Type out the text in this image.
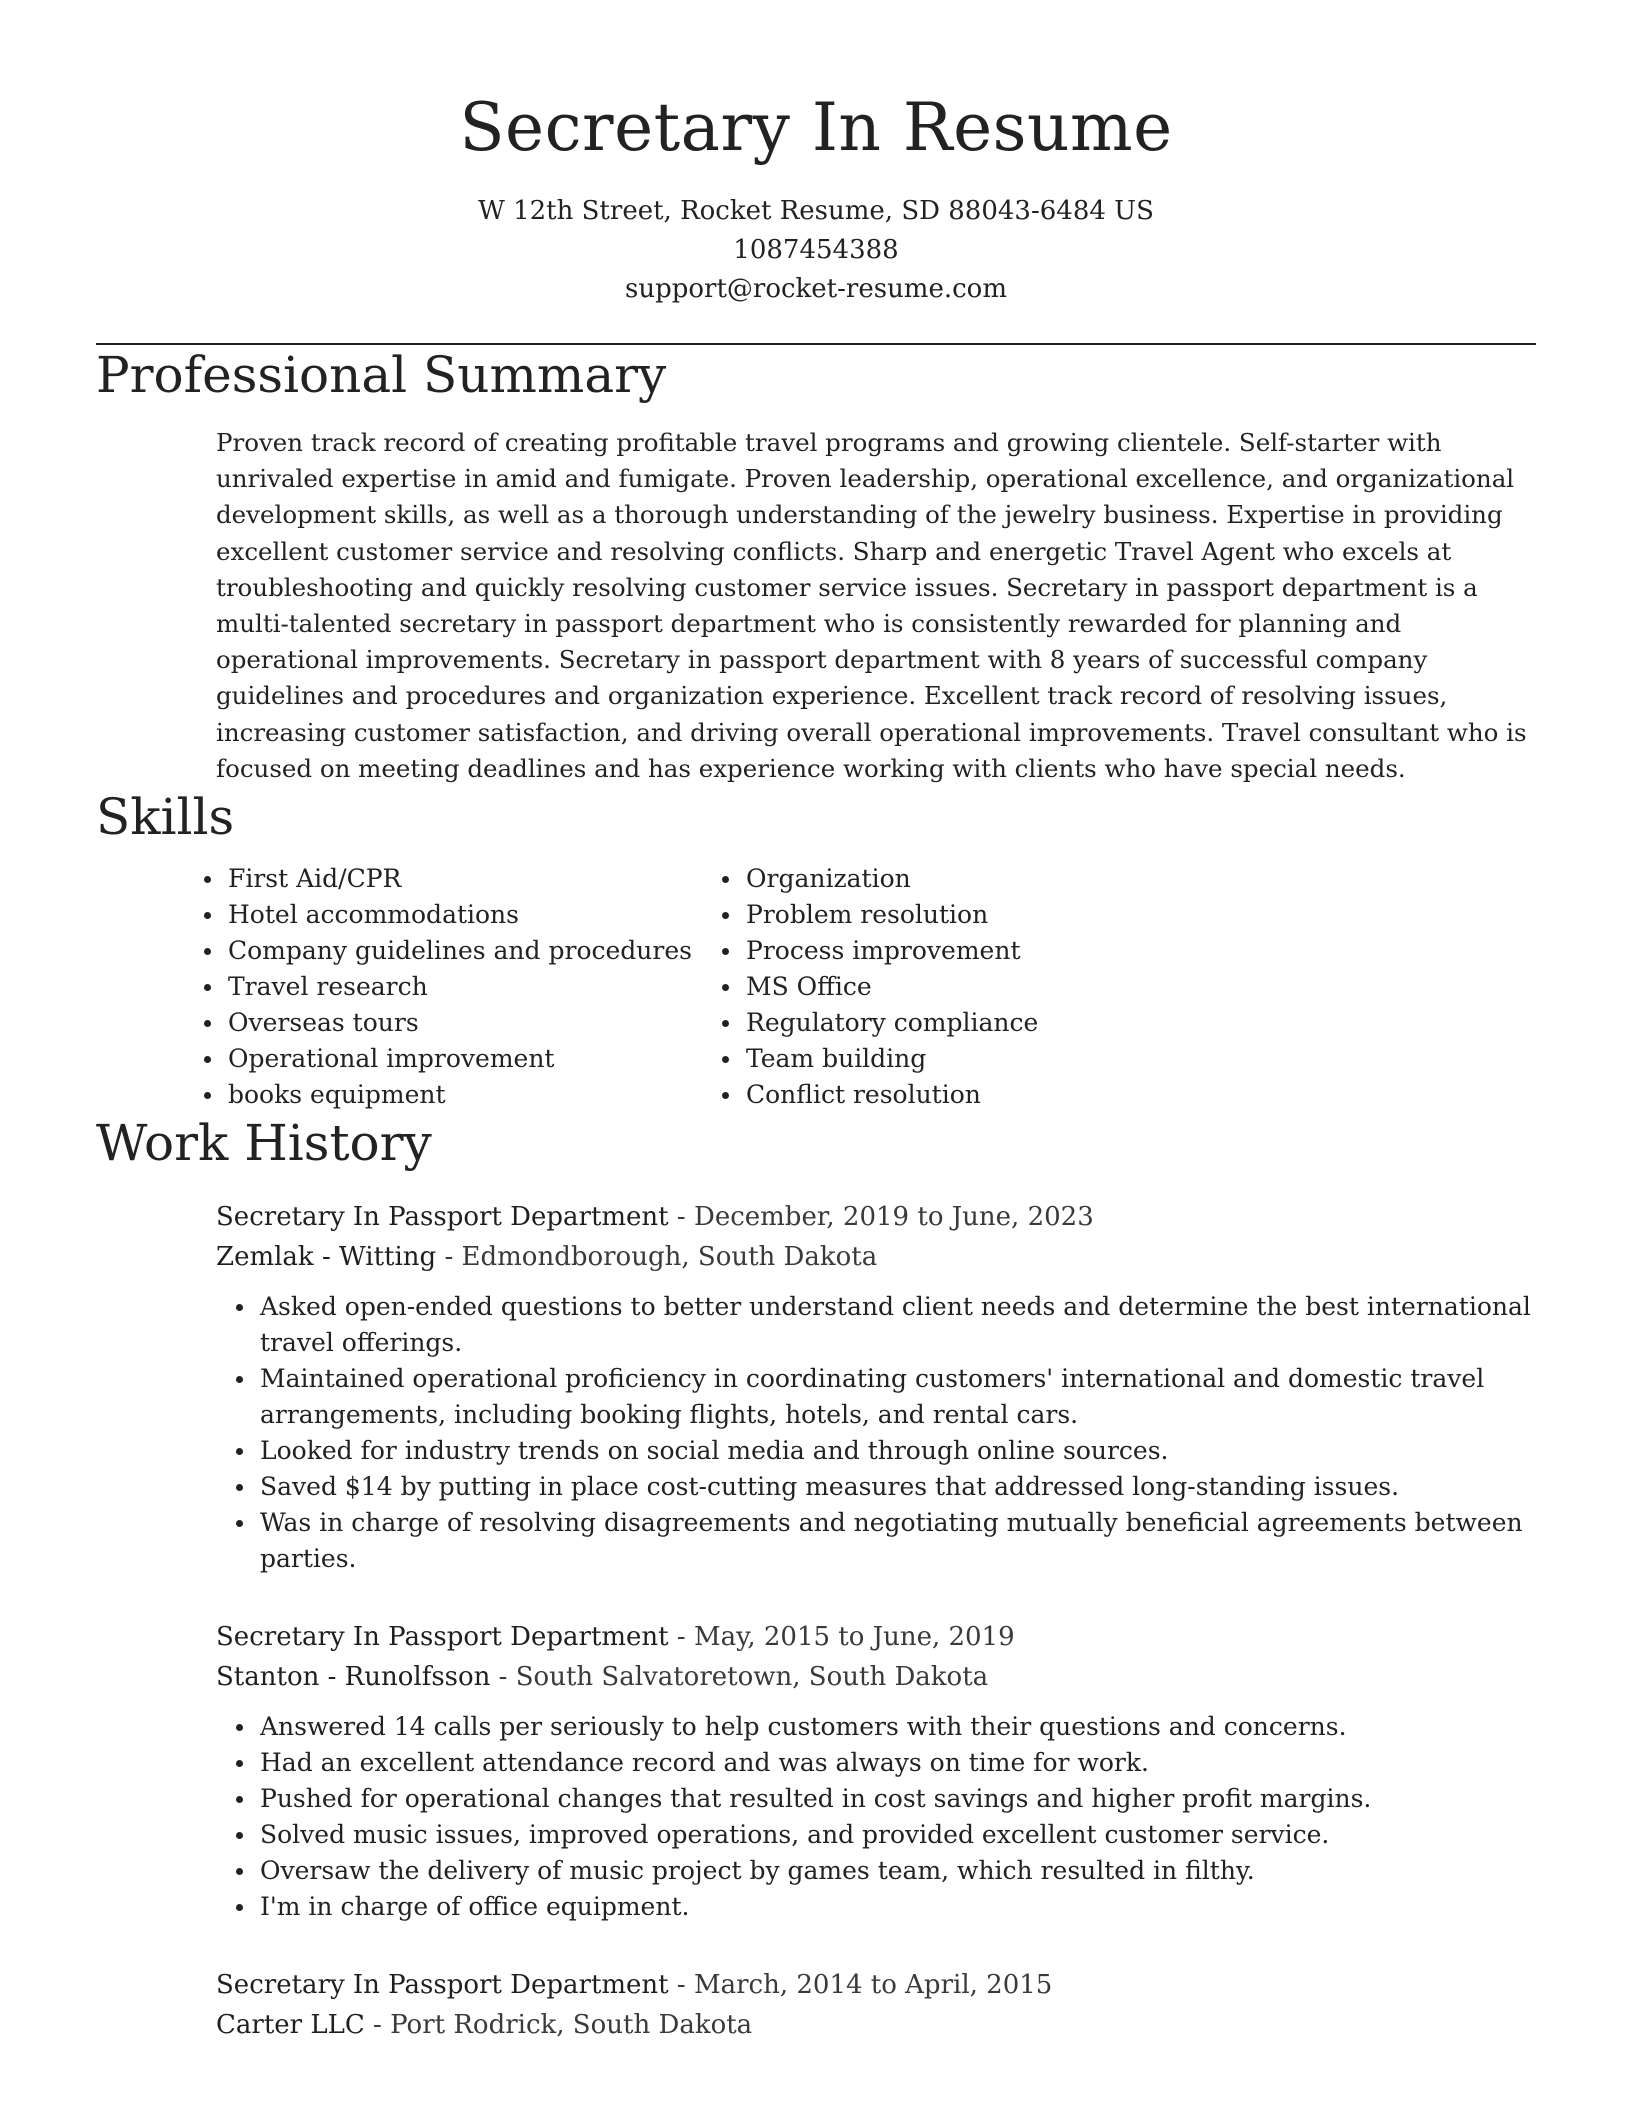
Secretary In Resume
W 12th Street, Rocket Resume, SD 88043-6484 US
1087454388
support@rocket-resume.com
Professional Summary

Proven track record of creating profitable travel programs and growing clientele. Self-starter with unrivaled expertise in amid and fumigate. Proven leadership, operational excellence, and organizational development skills, as well as a thorough understanding of the jewelry business. Expertise in providing excellent customer service and resolving conflicts. Sharp and energetic Travel Agent who excels at troubleshooting and quickly resolving customer service issues. Secretary in passport department is a multi-talented secretary in passport department who is consistently rewarded for planning and operational improvements. Secretary in passport department with 8 years of successful company guidelines and procedures and organization experience. Excellent track record of resolving issues, increasing customer satisfaction, and driving overall operational improvements. Travel consultant who is focused on meeting deadlines and has experience working with clients who have special needs.

Skills
First Aid/CPR
Hotel accommodations
Company guidelines and procedures
Travel research
Overseas tours
Operational improvement
books equipment
Organization
Problem resolution
Process improvement
MS Office
Regulatory compliance
Team building
Conflict resolution
Work History
Secretary In Passport Department - December, 2019 to June, 2023
Zemlak - Witting - Edmondborough, South Dakota
Asked open-ended questions to better understand client needs and determine the best international travel offerings.
Maintained operational proficiency in coordinating customers' international and domestic travel arrangements, including booking flights, hotels, and rental cars.
Looked for industry trends on social media and through online sources.
Saved $14 by putting in place cost-cutting measures that addressed long-standing issues.
Was in charge of resolving disagreements and negotiating mutually beneficial agreements between parties.
Secretary In Passport Department - May, 2015 to June, 2019
Stanton - Runolfsson - South Salvatoretown, South Dakota
Answered 14 calls per seriously to help customers with their questions and concerns.
Had an excellent attendance record and was always on time for work.
Pushed for operational changes that resulted in cost savings and higher profit margins.
Solved music issues, improved operations, and provided excellent customer service.
Oversaw the delivery of music project by games team, which resulted in filthy.
I'm in charge of office equipment.
Secretary In Passport Department - March, 2014 to April, 2015
Carter LLC - Port Rodrick, South Dakota
